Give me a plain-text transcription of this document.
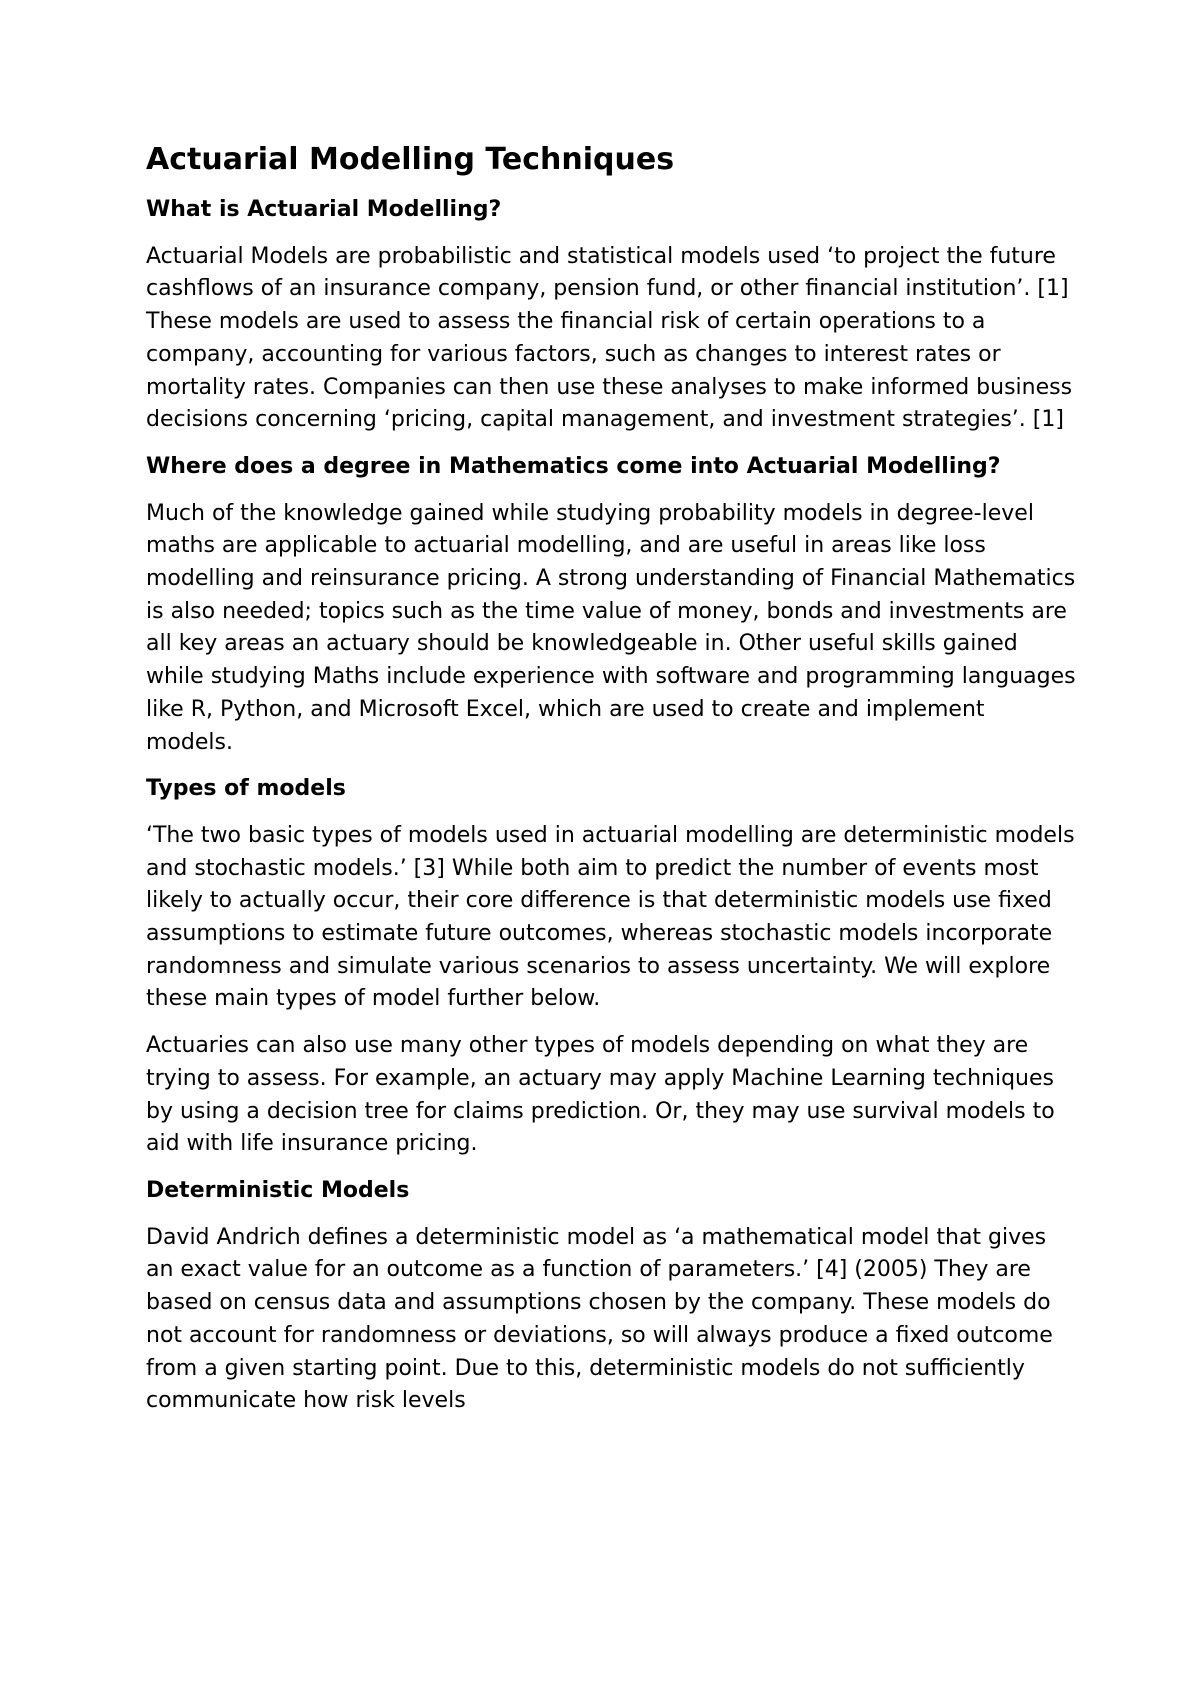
Actuarial Modelling Techniques
What is Actuarial Modelling?

Actuarial Models are probabilistic and statistical models used ‘to project the future cashflows of an insurance company, pension fund, or other financial institution’. [1] These models are used to assess the financial risk of certain operations to a company, accounting for various factors, such as changes to interest rates or mortality rates. Companies can then use these analyses to make informed business decisions concerning ‘pricing, capital management, and investment strategies’. [1]

Where does a degree in Mathematics come into Actuarial Modelling?

Much of the knowledge gained while studying probability models in degree-level maths are applicable to actuarial modelling, and are useful in areas like loss modelling and reinsurance pricing. A strong understanding of Financial Mathematics is also needed; topics such as the time value of money, bonds and investments are all key areas an actuary should be knowledgeable in. Other useful skills gained while studying Maths include experience with software and programming languages like R, Python, and Microsoft Excel, which are used to create and implement models.

Types of models

‘The two basic types of models used in actuarial modelling are deterministic models and stochastic models.’ [3] While both aim to predict the number of events most likely to actually occur, their core difference is that deterministic models use fixed assumptions to estimate future outcomes, whereas stochastic models incorporate randomness and simulate various scenarios to assess uncertainty. We will explore these main types of model further below.

Actuaries can also use many other types of models depending on what they are trying to assess. For example, an actuary may apply Machine Learning techniques by using a decision tree for claims prediction. Or, they may use survival models to aid with life insurance pricing.

Deterministic Models

David Andrich defines a deterministic model as ‘a mathematical model that gives an exact value for an outcome as a function of parameters.’ [4] (2005) They are based on census data and assumptions chosen by the company. These models do not account for randomness or deviations, so will always produce a fixed outcome from a given starting point. Due to this, deterministic models do not sufficiently communicate how risk levels
